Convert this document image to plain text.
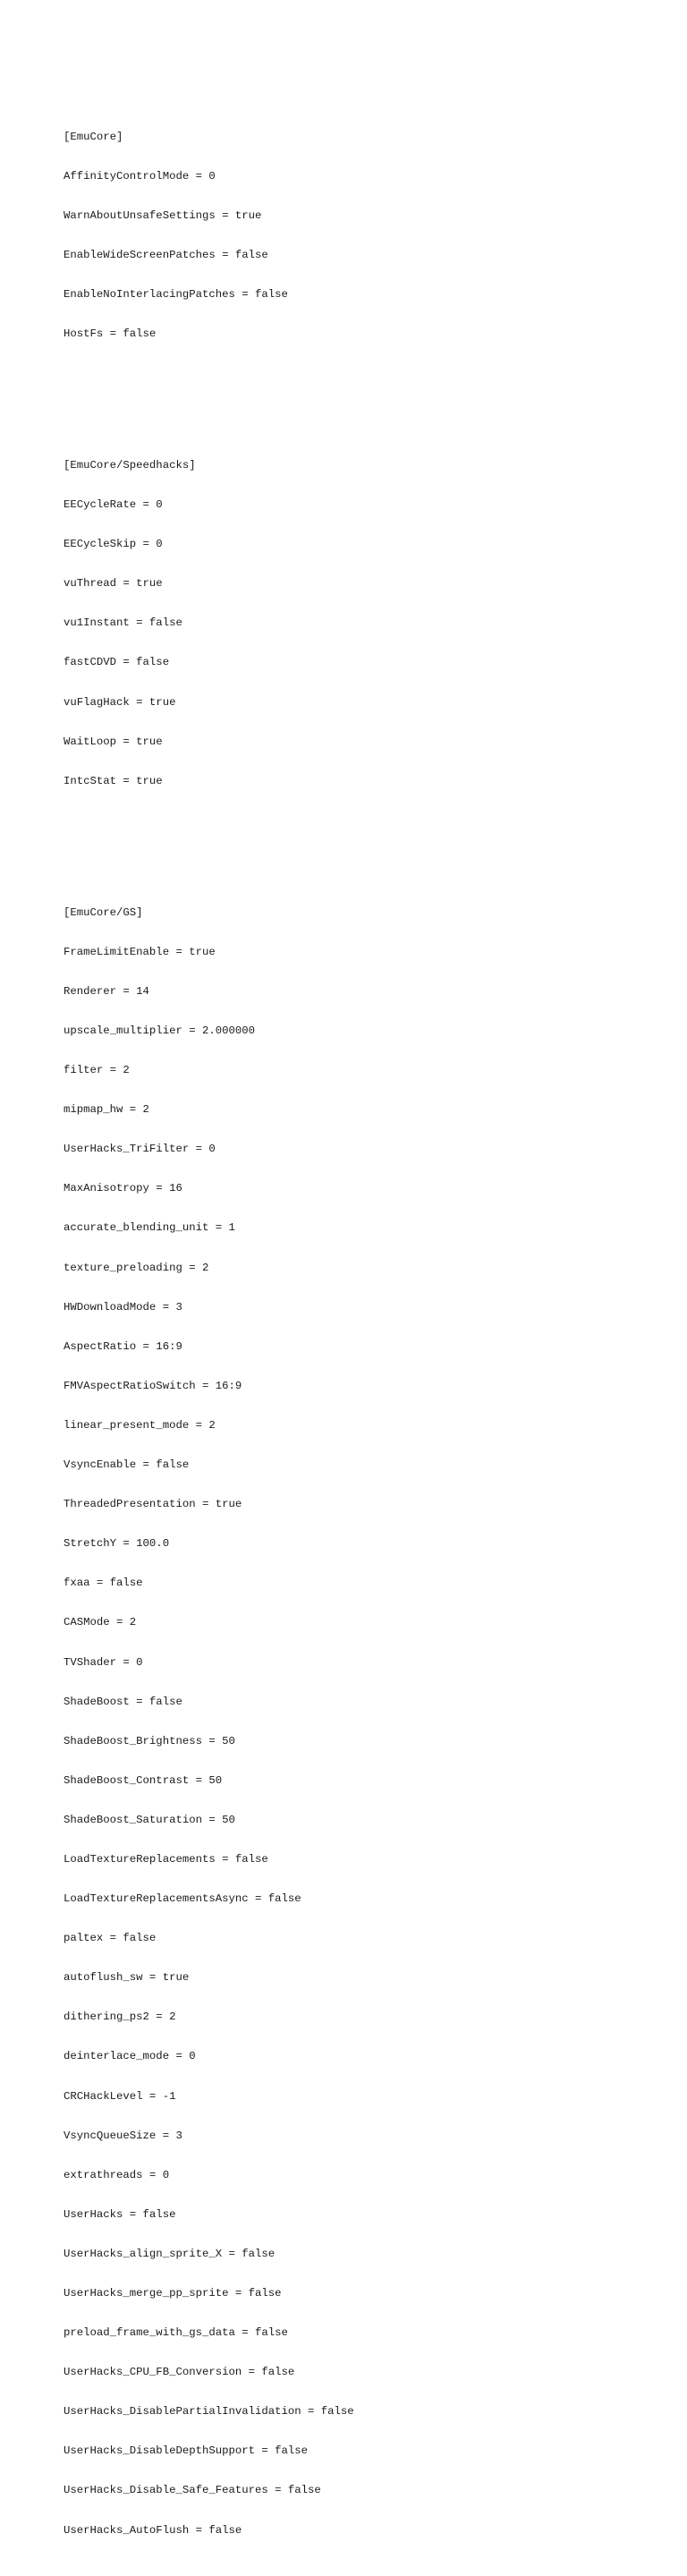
[EmuCore]

AffinityControlMode = 0

WarnAboutUnsafeSettings = true

EnableWideScreenPatches = false

EnableNoInterlacingPatches = false

HostFs = false

[EmuCore/Speedhacks]

EECycleRate = 0

EECycleSkip = 0

vuThread = true

vu1Instant = false

fastCDVD = false

vuFlagHack = true

WaitLoop = true

IntcStat = true

[EmuCore/GS]

FrameLimitEnable = true

Renderer = 14

upscale_multiplier = 2.000000

filter = 2

mipmap_hw = 2

UserHacks_TriFilter = 0

MaxAnisotropy = 16

accurate_blending_unit = 1

texture_preloading = 2

HWDownloadMode = 3

AspectRatio = 16:9

FMVAspectRatioSwitch = 16:9

linear_present_mode = 2

VsyncEnable = false

ThreadedPresentation = true

StretchY = 100.0

fxaa = false

CASMode = 2

TVShader = 0

ShadeBoost = false

ShadeBoost_Brightness = 50

ShadeBoost_Contrast = 50

ShadeBoost_Saturation = 50

LoadTextureReplacements = false

LoadTextureReplacementsAsync = false

paltex = false

autoflush_sw = true

dithering_ps2 = 2

deinterlace_mode = 0

CRCHackLevel = -1

VsyncQueueSize = 3

extrathreads = 0

UserHacks = false

UserHacks_align_sprite_X = false

UserHacks_merge_pp_sprite = false

preload_frame_with_gs_data = false

UserHacks_CPU_FB_Conversion = false

UserHacks_DisablePartialInvalidation = false

UserHacks_DisableDepthSupport = false

UserHacks_Disable_Safe_Features = false

UserHacks_AutoFlush = false
